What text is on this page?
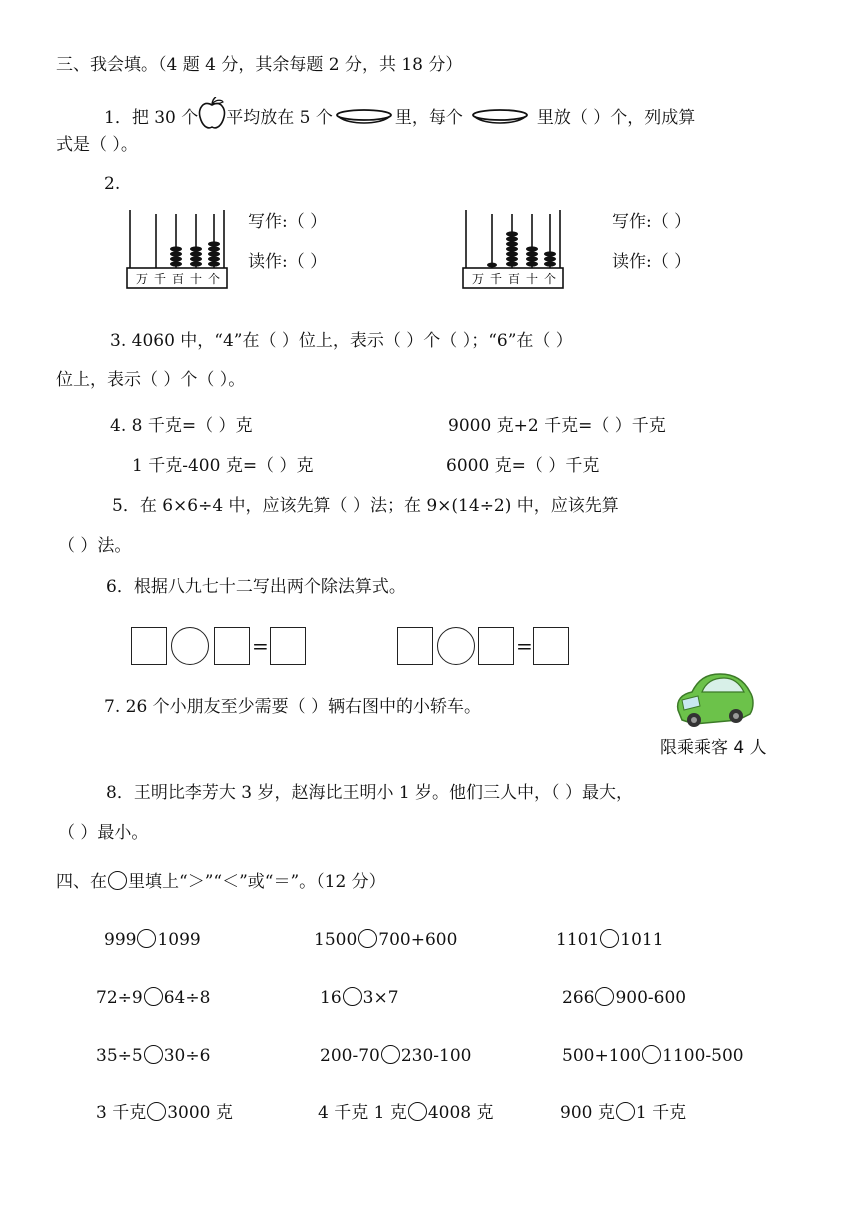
三、我会填。（4 题 4 分，其余每题 2 分，共 18 分）
1．把 30 个 平均放在 5 个	里，每个	里放（ ）个，列成算
式是（ ）。
2.
万 千 百 十 个
写作:（ ）
读作:（ ）
万 千 百 十 个
写作:（ ）
读作:（ ）
3. 4060 中，“4”在（ ）位上，表示（ ）个（ ）；“6”在（ ）
位上，表示（ ）个（ ）。
4. 8 千克=（ ）克	9000 克+2 千克=（ ）千克
1 千克-400 克=（ ）克	6000 克=（ ）千克
5．在 6×6÷4 中，应该先算（ ）法；在 9×(14÷2) 中，应该先算
（ ）法。
6．根据八九七十二写出两个除法算式。
=	=
7. 26 个小朋友至少需要（ ）辆右图中的小轿车。
限乘乘客 4 人
8．王明比李芳大 3 岁，赵海比王明小 1 岁。他们三人中，（ ）最大，
（ ）最小。
四、在 里填上“＞”“＜”或“＝”。（12 分）
999 1099	1500 700+600	1101 1011
72÷9 64÷8	16 3×7	266 900-600
35÷5 30÷6	200-70 230-100	500+100 1100-500
3 千克 3000 克	4 千克 1 克 4008 克	900 克 1 千克
